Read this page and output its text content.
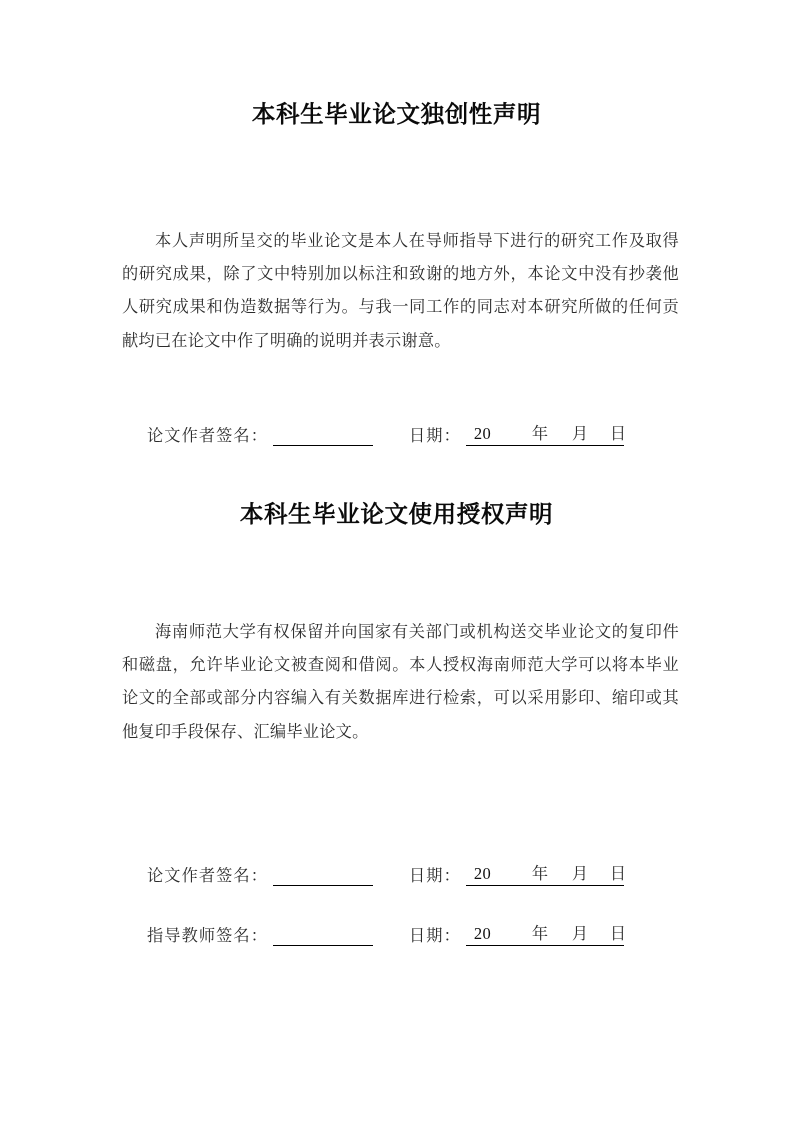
本科生毕业论文独创性声明
本人声明所呈交的毕业论文是本人在导师指导下进行的研究工作及取得的研究成果，除了文中特别加以标注和致谢的地方外，本论文中没有抄袭他人研究成果和伪造数据等行为。与我一同工作的同志对本研究所做的任何贡献均已在论文中作了明确的说明并表示谢意。
论文作者签名：	日期： 20	年 月 日
本科生毕业论文使用授权声明
海南师范大学有权保留并向国家有关部门或机构送交毕业论文的复印件和磁盘，允许毕业论文被查阅和借阅。本人授权海南师范大学可以将本毕业论文的全部或部分内容编入有关数据库进行检索，可以采用影印、缩印或其他复印手段保存、汇编毕业论文。
论文作者签名：	日期： 20	年 月 日
指导教师签名：	日期： 20	年 月 日
